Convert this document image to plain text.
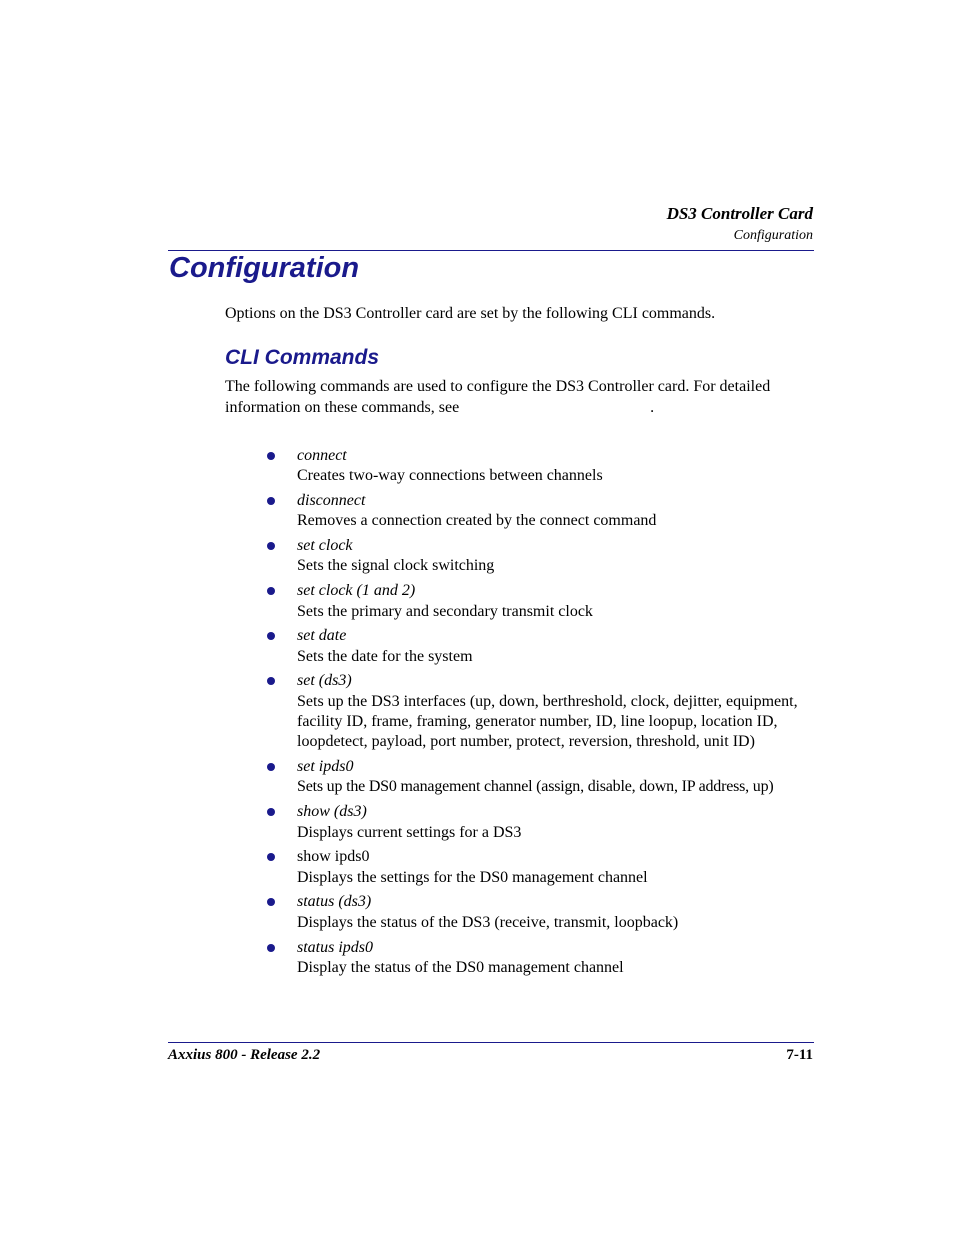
DS3 Controller Card
Configuration
Configuration
Options on the DS3 Controller card are set by the following CLI commands.
CLI Commands

The following commands are used to configure the DS3 Controller card. For detailed

information on these commands, see	.

connect
Creates two-way connections between channels
disconnect
Removes a connection created by the connect command
set clock
Sets the signal clock switching
set clock (1 and 2)
Sets the primary and secondary transmit clock
set date
Sets the date for the system
set (ds3)
Sets up the DS3 interfaces (up, down, berthreshold, clock, dejitter, equipment, facility ID, frame, framing, generator number, ID, line loopup, location ID, loopdetect, payload, port number, protect, reversion, threshold, unit ID)
set ipds0
Sets up the DS0 management channel (assign, disable, down, IP address, up)
show (ds3)
Displays current settings for a DS3
show ipds0
Displays the settings for the DS0 management channel
status (ds3)
Displays the status of the DS3 (receive, transmit, loopback)
status ipds0
Display the status of the DS0 management channel
Axxius 800 - Release 2.2	7-11
